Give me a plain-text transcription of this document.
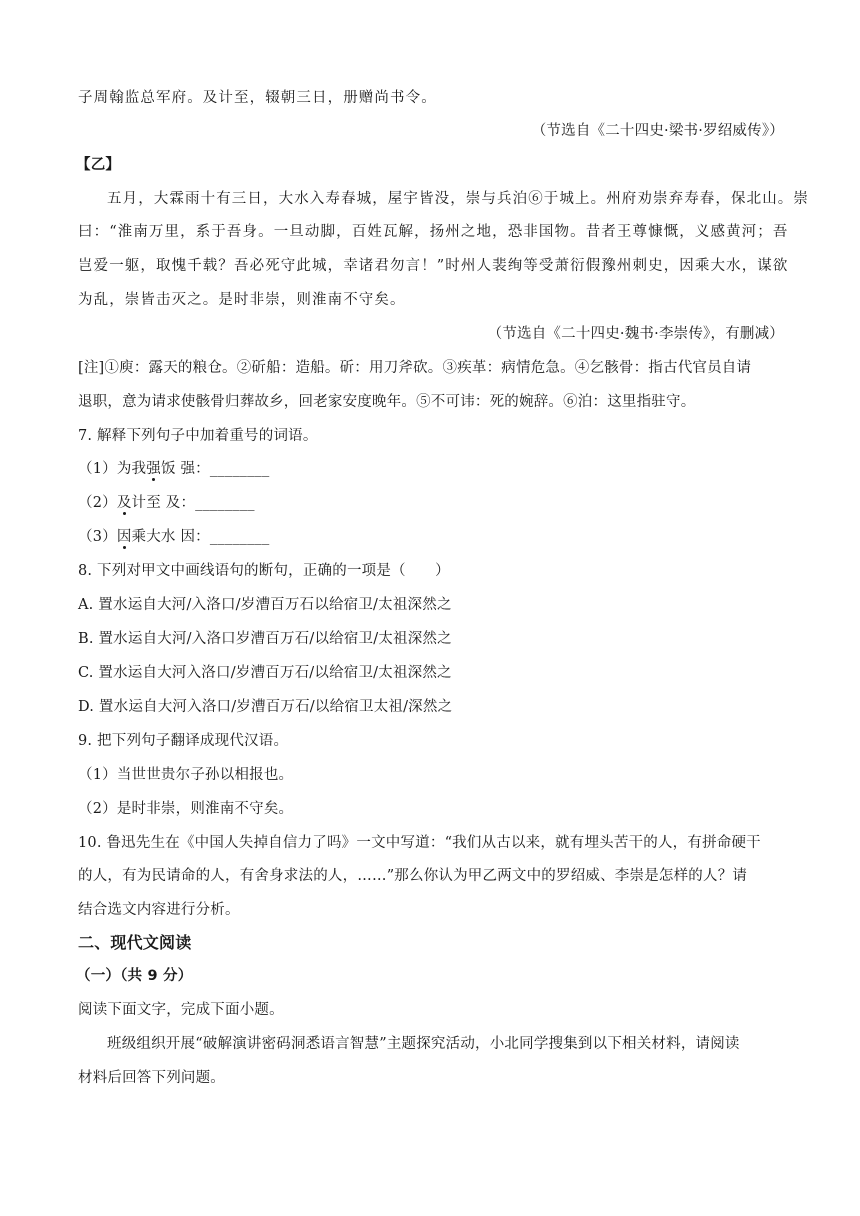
子周翰监总军府。及计至，辍朝三日，册赠尚书令。
（节选自《二十四史·梁书·罗绍威传》）
【乙】
五月，大霖雨十有三日，大水入寿春城，屋宇皆没，崇与兵泊⑥于城上。州府劝崇弃寿春，保北山。崇
曰：“淮南万里，系于吾身。一旦动脚，百姓瓦解，扬州之地，恐非国物。昔者王尊慷慨，义感黄河；吾
岂爱一躯，取愧千载？吾必死守此城，幸诸君勿言！”时州人裴绚等受萧衍假豫州刺史，因乘大水，谋欲
为乱，崇皆击灭之。是时非崇，则淮南不守矣。
（节选自《二十四史·魏书·李崇传》，有删减）
[注]①庾：露天的粮仓。②斫船：造船。斫：用刀斧砍。③疾革：病情危急。④乞骸骨：指古代官员自请
退职，意为请求使骸骨归葬故乡，回老家安度晚年。⑤不可讳：死的婉辞。⑥泊：这里指驻守。
7. 解释下列句子中加着重号的词语。
（1）为我强饭 强：________
（2）及计至 及：________
（3）因乘大水 因：________
8. 下列对甲文中画线语句的断句，正确的一项是（　　）
A. 置水运自大河/入洛口/岁漕百万石以给宿卫/太祖深然之
B. 置水运自大河/入洛口岁漕百万石/以给宿卫/太祖深然之
C. 置水运自大河入洛口/岁漕百万石/以给宿卫/太祖深然之
D. 置水运自大河入洛口/岁漕百万石/以给宿卫太祖/深然之
9. 把下列句子翻译成现代汉语。
（1）当世世贵尔子孙以相报也。
（2）是时非崇，则淮南不守矣。
10. 鲁迅先生在《中国人失掉自信力了吗》一文中写道：“我们从古以来，就有埋头苦干的人，有拼命硬干
的人，有为民请命的人，有舍身求法的人，……”那么你认为甲乙两文中的罗绍威、李崇是怎样的人？请
结合选文内容进行分析。
二、现代文阅读
（一）（共 9 分）
阅读下面文字，完成下面小题。
班级组织开展“破解演讲密码洞悉语言智慧”主题探究活动，小北同学搜集到以下相关材料，请阅读
材料后回答下列问题。
